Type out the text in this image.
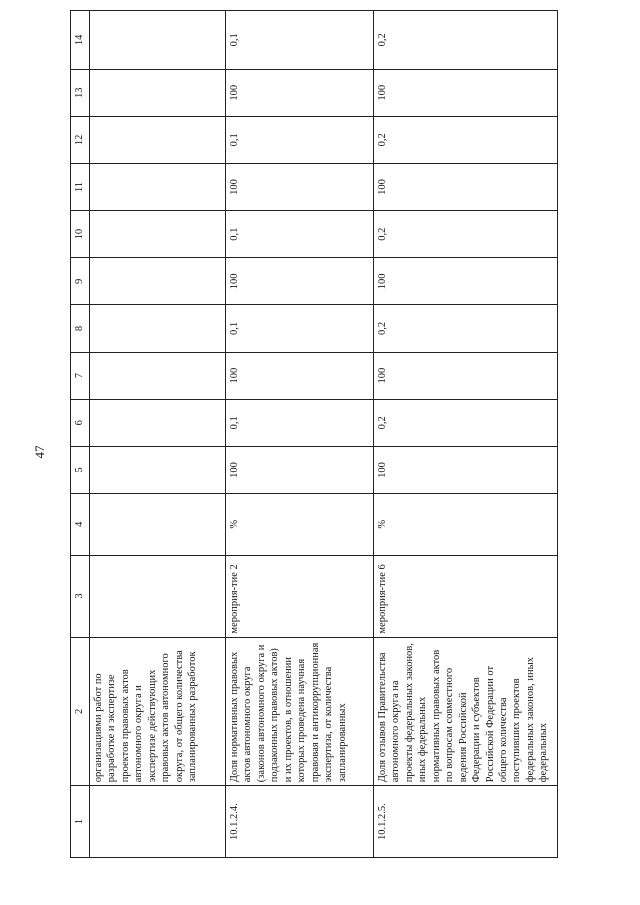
47
1	2	3	4	5	6	7	8	9	10	11	12	13	14
	организациями работ по разработке и экспертизе проектов правовых актов автономного округа и экспертизе действующих правовых актов автономного округа, от общего количества запланированных разработок												
10.1.2.4.	Доля нормативных правовых актов автономного округа (законов автономного округа и подзаконных правовых актов) и их проектов, в отношении которых проведена научная правовая и антикоррупционная экспертиза, от количества запланированных	мероприя-тие 2	%	100	0,1	100	0,1	100	0,1	100	0,1	100	0,1
10.1.2.5.	Доля отзывов Правительства автономного округа на проекты федеральных законов, иных федеральных нормативных правовых актов по вопросам совместного ведения Российской Федерации и субъектов Российской Федерации от общего количества поступивших проектов федеральных законов, иных федеральных	мероприя-тие 6	%	100	0,2	100	0,2	100	0,2	100	0,2	100	0,2
